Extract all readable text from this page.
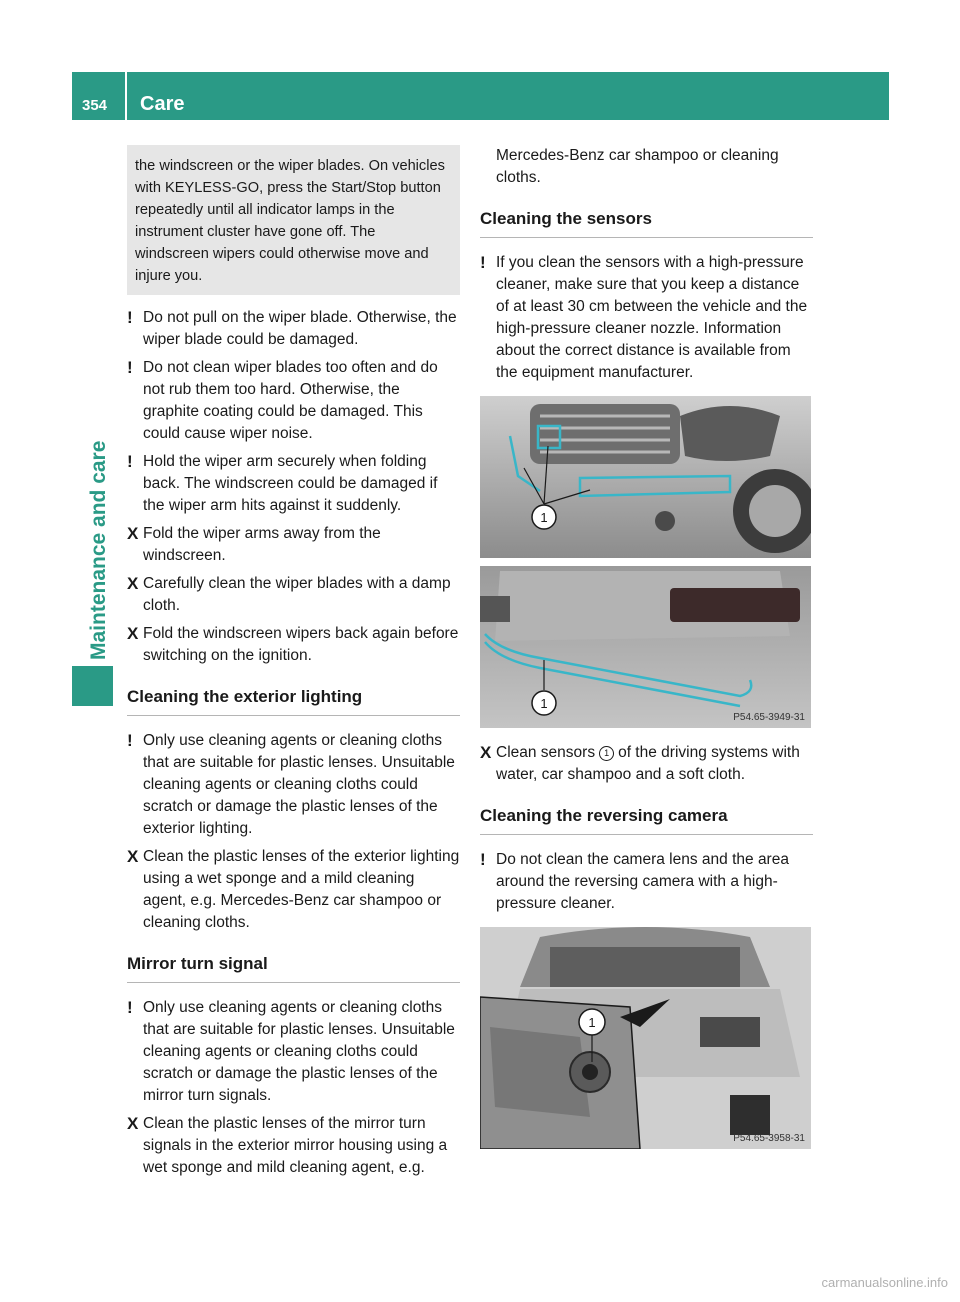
354 Care
Maintenance and care

the windscreen or the wiper blades. On vehicles with KEYLESS-GO, press the Start/Stop button repeatedly until all indicator lamps in the instrument cluster have gone off. The windscreen wipers could otherwise move and injure you.

! Do not pull on the wiper blade. Otherwise, the wiper blade could be damaged.
! Do not clean wiper blades too often and do not rub them too hard. Otherwise, the graphite coating could be damaged. This could cause wiper noise.
! Hold the wiper arm securely when folding back. The windscreen could be damaged if the wiper arm hits against it suddenly.
X Fold the wiper arms away from the windscreen.
X Carefully clean the wiper blades with a damp cloth.
X Fold the windscreen wipers back again before switching on the ignition.
Cleaning the exterior lighting
! Only use cleaning agents or cleaning cloths that are suitable for plastic lenses. Unsuitable cleaning agents or cleaning cloths could scratch or damage the plastic lenses of the exterior lighting.
X Clean the plastic lenses of the exterior lighting using a wet sponge and a mild cleaning agent, e.g. Mercedes-Benz car shampoo or cleaning cloths.
Mirror turn signal
! Only use cleaning agents or cleaning cloths that are suitable for plastic lenses. Unsuitable cleaning agents or cleaning cloths could scratch or damage the plastic lenses of the mirror turn signals.
X Clean the plastic lenses of the mirror turn signals in the exterior mirror housing using a wet sponge and mild cleaning agent, e.g.
Mercedes-Benz car shampoo or cleaning cloths.
Cleaning the sensors
! If you clean the sensors with a high-pressure cleaner, make sure that you keep a distance of at least 30 cm between the vehicle and the high-pressure cleaner nozzle. Information about the correct distance is available from the equipment manufacturer.
1
1
P54.65-3949-31
X Clean sensors 1 of the driving systems with water, car shampoo and a soft cloth.
Cleaning the reversing camera
! Do not clean the camera lens and the area around the reversing camera with a high-pressure cleaner.
1
P54.65-3958-31
carmanualsonline.info
